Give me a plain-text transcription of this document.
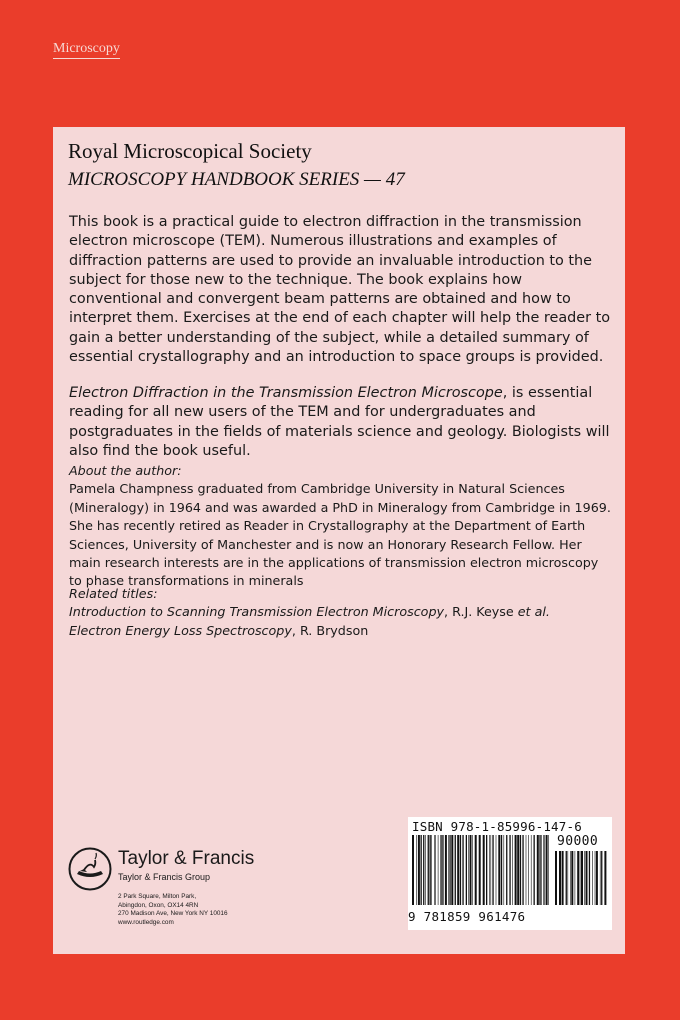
Microscopy
Royal Microscopical Society
MICROSCOPY HANDBOOK SERIES — 47
This book is a practical guide to electron diffraction in the transmission electron microscope (TEM). Numerous illustrations and examples of diffraction patterns are used to provide an invaluable introduction to the subject for those new to the technique. The book explains how conventional and convergent beam patterns are obtained and how to interpret them. Exercises at the end of each chapter will help the reader to gain a better understanding of the subject, while a detailed summary of essential crystallography and an introduction to space groups is provided.
Electron Diffraction in the Transmission Electron Microscope, is essential reading for all new users of the TEM and for undergraduates and postgraduates in the fields of materials science and geology. Biologists will also find the book useful.
About the author:
Pamela Champness graduated from Cambridge University in Natural Sciences (Mineralogy) in 1964 and was awarded a PhD in Mineralogy from Cambridge in 1969. She has recently retired as Reader in Crystallography at the Department of Earth Sciences, University of Manchester and is now an Honorary Research Fellow. Her main research interests are in the applications of transmission electron microscopy to phase transformations in minerals
Related titles:
Introduction to Scanning Transmission Electron Microscopy, R.J. Keyse et al.
Electron Energy Loss Spectroscopy, R. Brydson
Taylor & Francis
Taylor & Francis Group
2 Park Square, Milton Park,
Abingdon, Oxon, OX14 4RN
270 Madison Ave, New York NY 10016
www.routledge.com
ISBN 978-1-85996-147-6
90000
9 781859 961476
